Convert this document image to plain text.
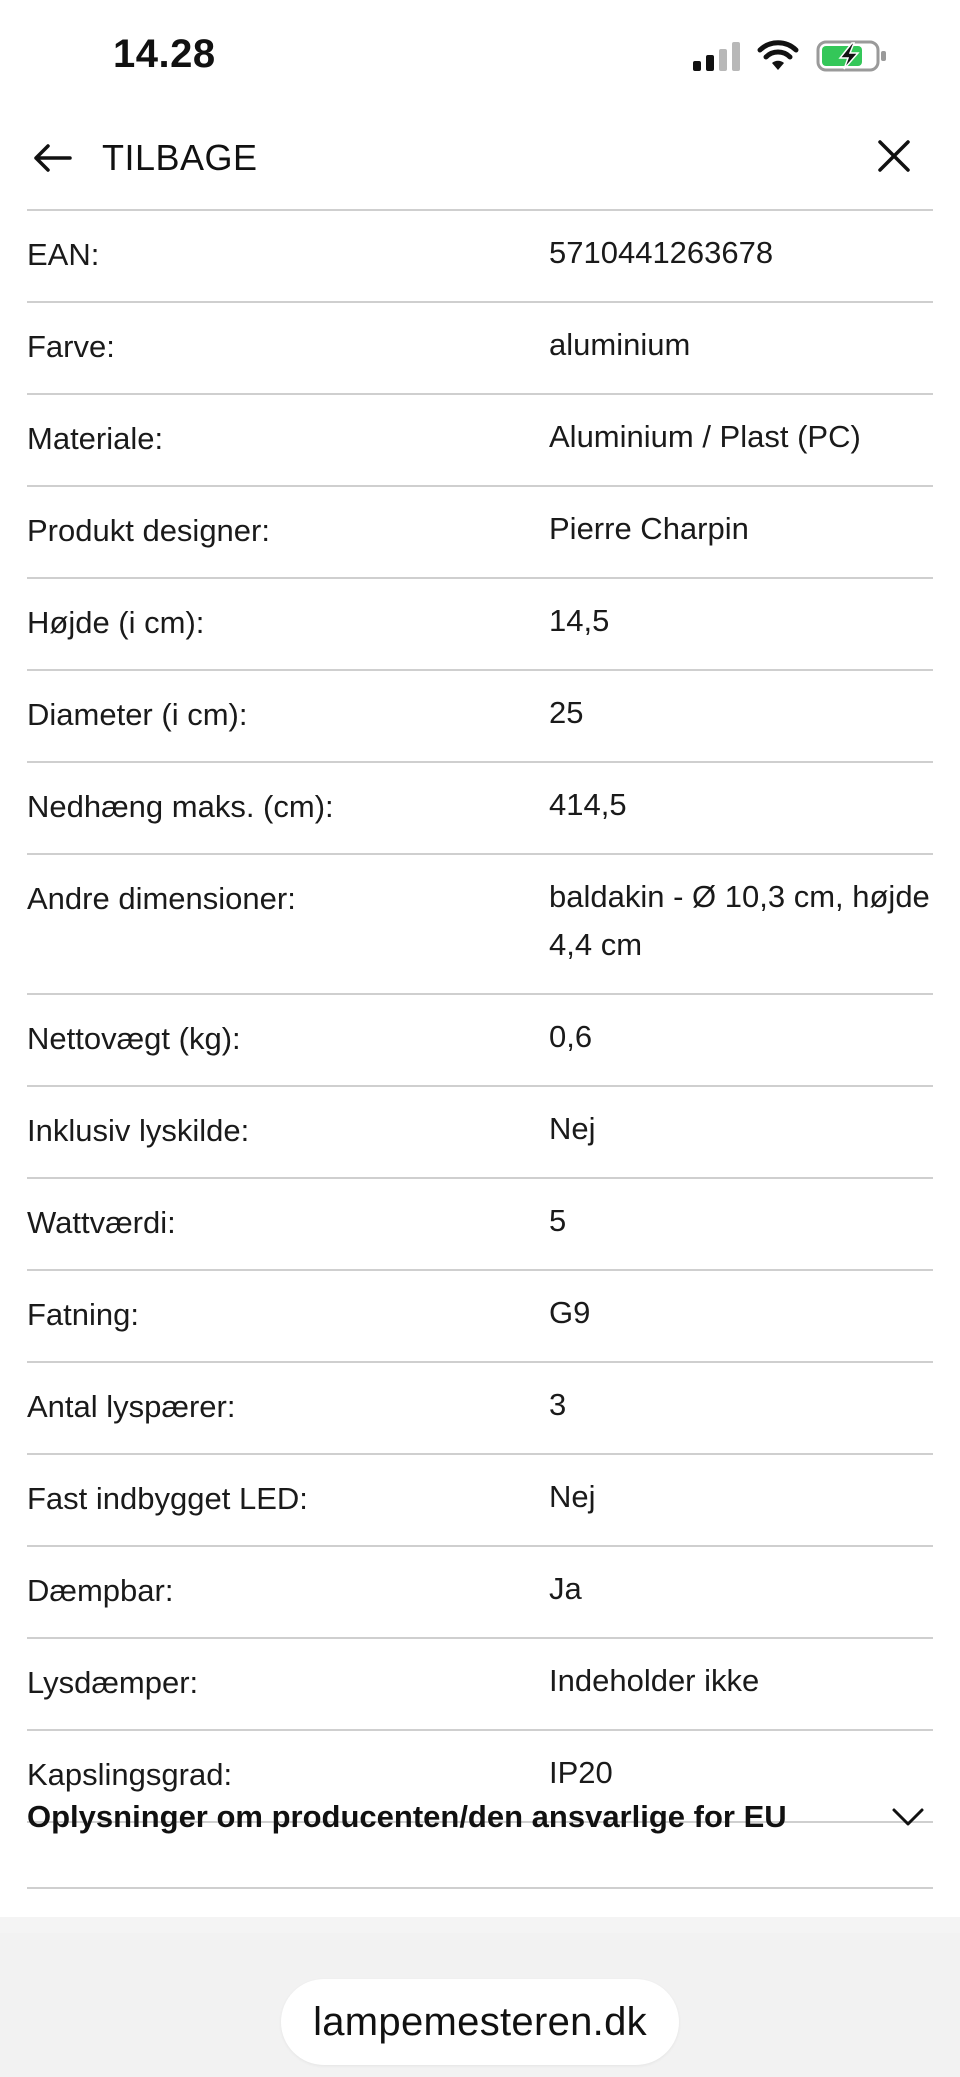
14.28
TILBAGE
EAN:	5710441263678
Farve:	aluminium
Materiale:	Aluminium / Plast (PC)
Produkt designer:	Pierre Charpin
Højde (i cm):	14,5
Diameter (i cm):	25
Nedhæng maks. (cm):	414,5
Andre dimensioner:	baldakin - Ø 10,3 cm, højde 4,4 cm
Nettovægt (kg):	0,6
Inklusiv lyskilde:	Nej
Wattværdi:	5
Fatning:	G9
Antal lyspærer:	3
Fast indbygget LED:	Nej
Dæmpbar:	Ja
Lysdæmper:	Indeholder ikke
Kapslingsgrad:	IP20
Oplysninger om producenten/den ansvarlige for EU
lampemesteren.dk
